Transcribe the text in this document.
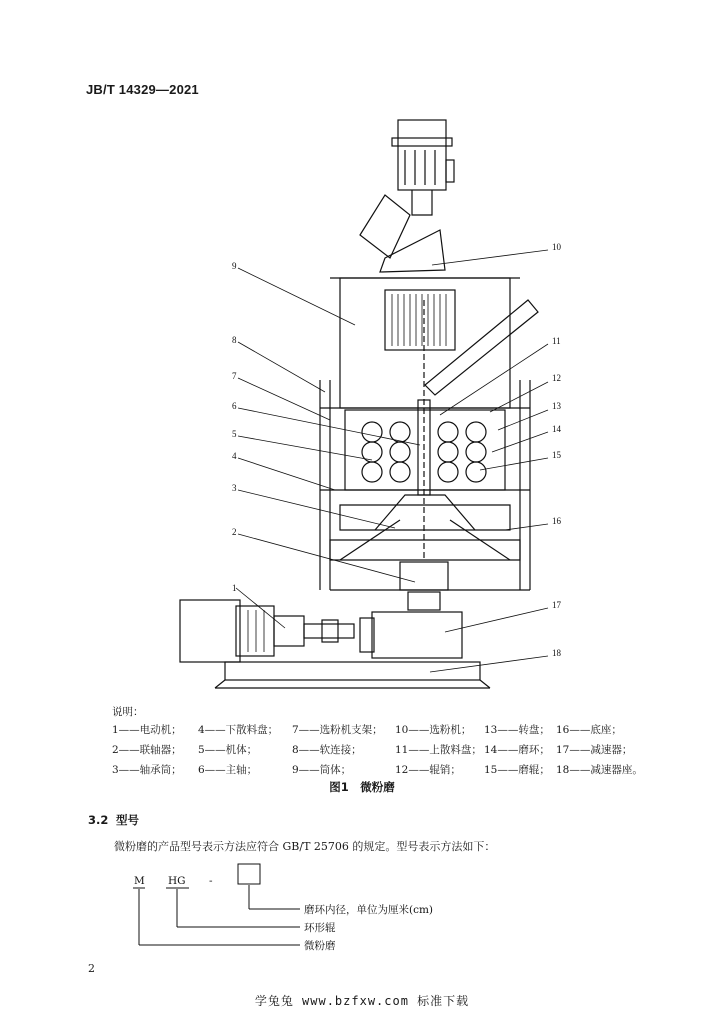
JB/T 14329—2021
1
2
3
4
5
6
7
8
9
10
11
12
13
14
15
16
17
18
说明：
1——电动机；	4——下散料盘；	7——选粉机支架；	10——选粉机；	13——转盘；	16——底座；
2——联轴器；	5——机体；	8——软连接；	11——上散料盘；	14——磨环；	17——减速器；
3——轴承筒；	6——主轴；	9——筒体；	12——辊销；	15——磨辊；	18——减速器座。
图1　微粉磨
3.2 型号
微粉磨的产品型号表示方法应符合 GB/T 25706 的规定。型号表示方法如下：
M HG -
磨环内径，单位为厘米(cm)
环形辊
微粉磨
2
学兔兔 www.bzfxw.com 标准下载
